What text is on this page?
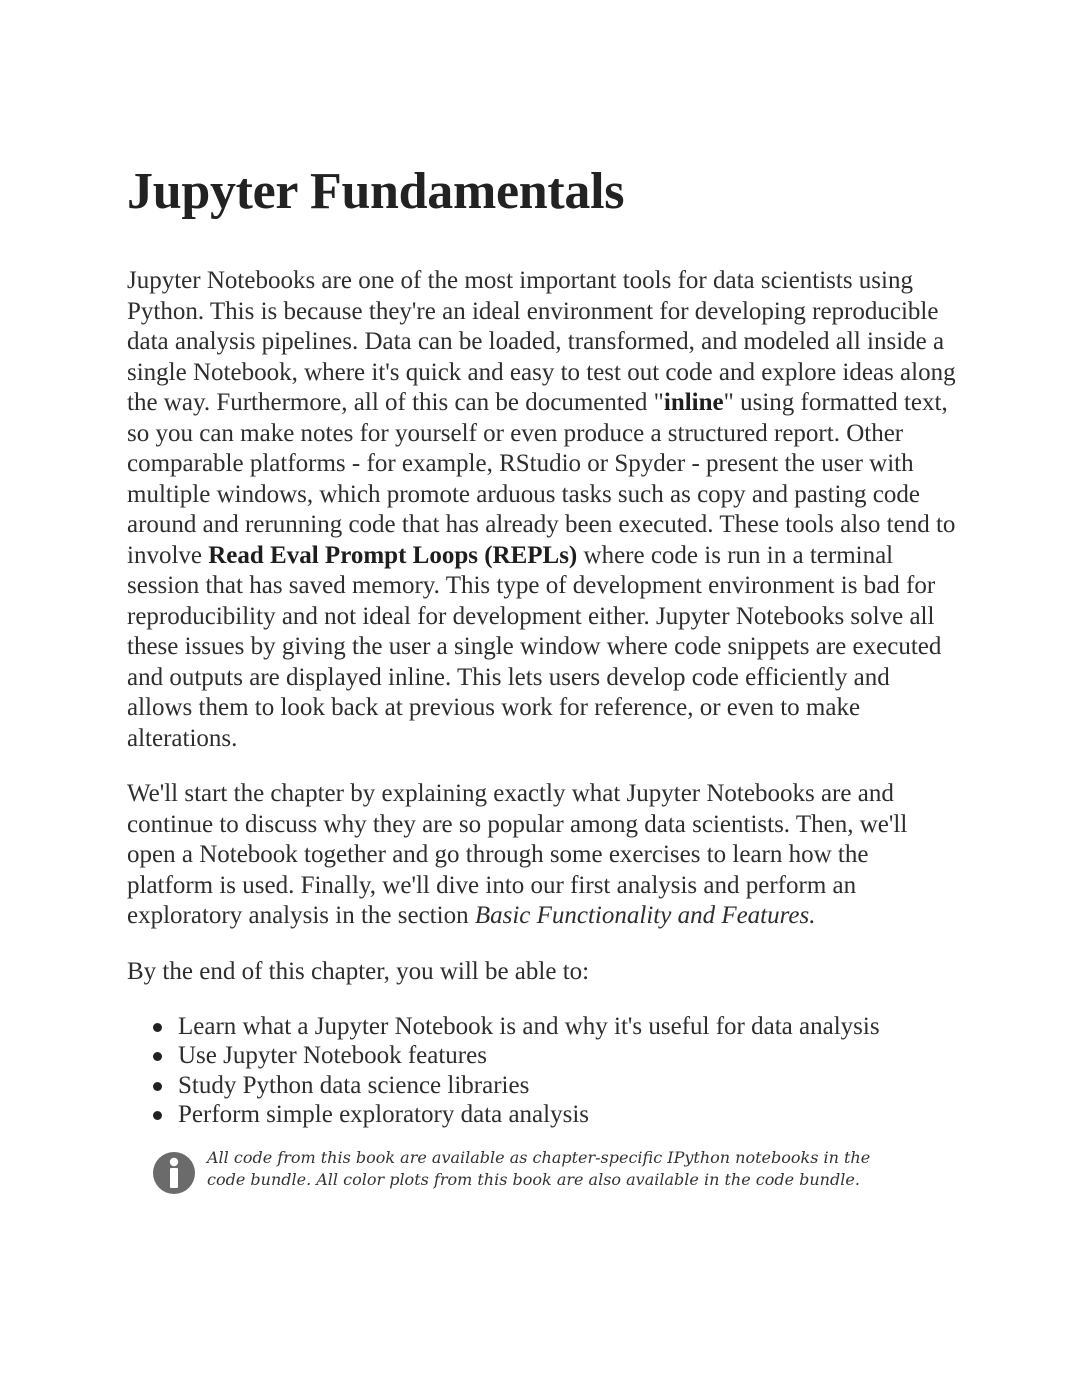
Jupyter Fundamentals

Jupyter Notebooks are one of the most important tools for data scientists using Python. This is because they're an ideal environment for developing reproducible data analysis pipelines. Data can be loaded, transformed, and modeled all inside a single Notebook, where it's quick and easy to test out code and explore ideas along the way. Furthermore, all of this can be documented "inline" using formatted text, so you can make notes for yourself or even produce a structured report. Other comparable platforms - for example, RStudio or Spyder - present the user with multiple windows, which promote arduous tasks such as copy and pasting code around and rerunning code that has already been executed. These tools also tend to involve Read Eval Prompt Loops (REPLs) where code is run in a terminal session that has saved memory. This type of development environment is bad for reproducibility and not ideal for development either. Jupyter Notebooks solve all these issues by giving the user a single window where code snippets are executed and outputs are displayed inline. This lets users develop code efficiently and allows them to look back at previous work for reference, or even to make alterations.

We'll start the chapter by explaining exactly what Jupyter Notebooks are and continue to discuss why they are so popular among data scientists. Then, we'll open a Notebook together and go through some exercises to learn how the platform is used. Finally, we'll dive into our first analysis and perform an exploratory analysis in the section Basic Functionality and Features.

By the end of this chapter, you will be able to:

Learn what a Jupyter Notebook is and why it's useful for data analysis
Use Jupyter Notebook features
Study Python data science libraries
Perform simple exploratory data analysis
All code from this book are available as chapter-specific IPython notebooks in the code bundle. All color plots from this book are also available in the code bundle.
